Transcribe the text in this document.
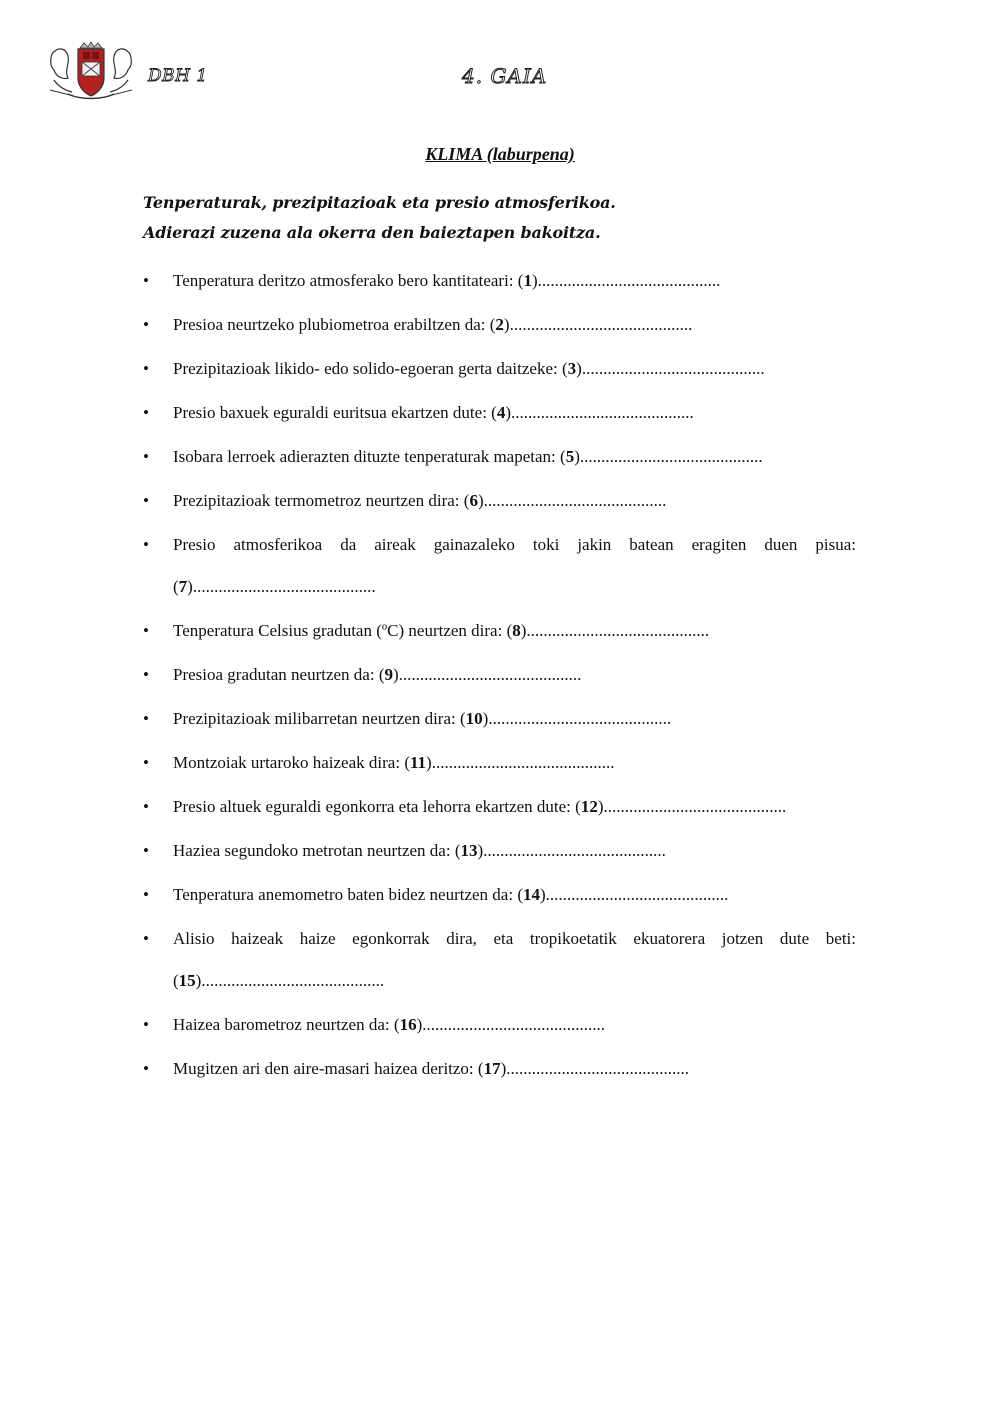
DBH 1	4. GAIA
KLIMA (laburpena)
Tenperaturak, prezipitazioak eta presio atmosferikoa.
Adierazi zuzena ala okerra den baieztapen bakoitza.
•	Tenperatura deritzo atmosferako bero kantitateari: (1)...........................................
•	Presioa neurtzeko plubiometroa erabiltzen da: (2)...........................................
•	Prezipitazioak likido- edo solido-egoeran gerta daitzeke: (3)...........................................
•	Presio baxuek eguraldi euritsua ekartzen dute: (4)...........................................
•	Isobara lerroek adierazten dituzte tenperaturak mapetan: (5)...........................................
•	Prezipitazioak termometroz neurtzen dira: (6)...........................................
•	Presio atmosferikoa da aireak gainazaleko toki jakin batean eragiten duen pisua: (7)...........................................
•	Tenperatura Celsius gradutan (ºC) neurtzen dira: (8)...........................................
•	Presioa gradutan neurtzen da: (9)...........................................
•	Prezipitazioak milibarretan neurtzen dira: (10)...........................................
•	Montzoiak urtaroko haizeak dira: (11)...........................................
•	Presio altuek eguraldi egonkorra eta lehorra ekartzen dute: (12)...........................................
•	Haziea segundoko metrotan neurtzen da: (13)...........................................
•	Tenperatura anemometro baten bidez neurtzen da: (14)...........................................
•	Alisio haizeak haize egonkorrak dira, eta tropikoetatik ekuatorera jotzen dute beti: (15)...........................................
•	Haizea barometroz neurtzen da: (16)...........................................
•	Mugitzen ari den aire-masari haizea deritzo: (17)...........................................
